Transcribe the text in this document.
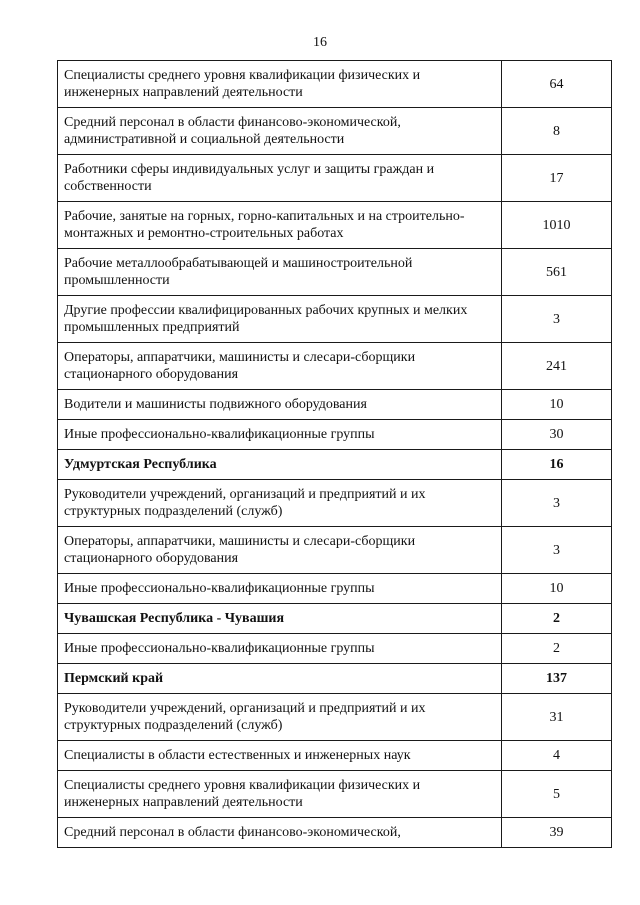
16
Специалисты среднего уровня квалификации физических и инженерных направлений деятельности	64
Средний персонал в области финансово-экономической, административной и социальной деятельности	8
Работники сферы индивидуальных услуг и защиты граждан и собственности	17
Рабочие, занятые на горных, горно-капитальных и на строительно-монтажных и ремонтно-строительных работах	1010
Рабочие металлообрабатывающей и машиностроительной промышленности	561
Другие профессии квалифицированных рабочих крупных и мелких промышленных предприятий	3
Операторы, аппаратчики, машинисты и слесари-сборщики стационарного оборудования	241
Водители и машинисты подвижного оборудования	10
Иные профессионально-квалификационные группы	30
Удмуртская Республика	16
Руководители учреждений, организаций и предприятий и их структурных подразделений (служб)	3
Операторы, аппаратчики, машинисты и слесари-сборщики стационарного оборудования	3
Иные профессионально-квалификационные группы	10
Чувашская Республика - Чувашия	2
Иные профессионально-квалификационные группы	2
Пермский край	137
Руководители учреждений, организаций и предприятий и их структурных подразделений (служб)	31
Специалисты в области естественных и инженерных наук	4
Специалисты среднего уровня квалификации физических и инженерных направлений деятельности	5
Средний персонал в области финансово-экономической,	39
